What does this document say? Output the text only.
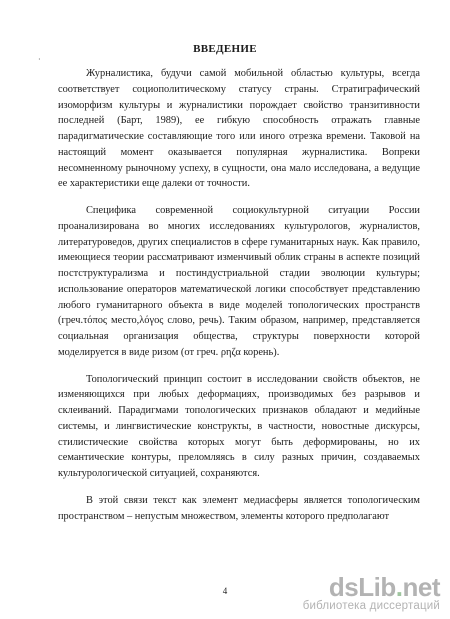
ВВЕДЕНИЕ
·

Журналистика, будучи самой мобильной областью культуры, всегда соответствует социополитическому статусу страны. Стратиграфический изоморфизм культуры и журналистики порождает свойство транзитивности последней (Барт, 1989), ее гибкую способность отражать главные парадигматические составляющие того или иного отрезка времени. Таковой на настоящий момент оказывается популярная журналистика. Вопреки несомненному рыночному успеху, в сущности, она мало исследована, а ведущие ее характеристики еще далеки от точности.

Специфика современной социокультурной ситуации России проанализирована во многих исследованиях культурологов, журналистов, литературоведов, других специалистов в сфере гуманитарных наук. Как правило, имеющиеся теории рассматривают изменчивый облик страны в аспекте позиций постструктурализма и постиндустриальной стадии эволюции культуры; использование операторов математической логики способствует представлению любого гуманитарного объекта в виде моделей топологических пространств (греч.τόπος место,λόγος слово, речь). Таким образом, например, представляется социальная организация общества, структуры поверхности которой моделируется в виде ризом (от греч. ρηζα корень).

Топологический принцип состоит в исследовании свойств объектов, не изменяющихся при любых деформациях, производимых без разрывов и склеиваний. Парадигмами топологических признаков обладают и медийные системы, и лингвистические конструкты, в частности, новостные дискурсы, стилистические свойства которых могут быть деформированы, но их семантические контуры, преломляясь в силу разных причин, создаваемых культурологической ситуацией, сохраняются.

В этой связи текст как элемент медиасферы является топологическим пространством – непустым множеством, элементы которого предполагают

4	dsLib.net
библиотека диссертаций
